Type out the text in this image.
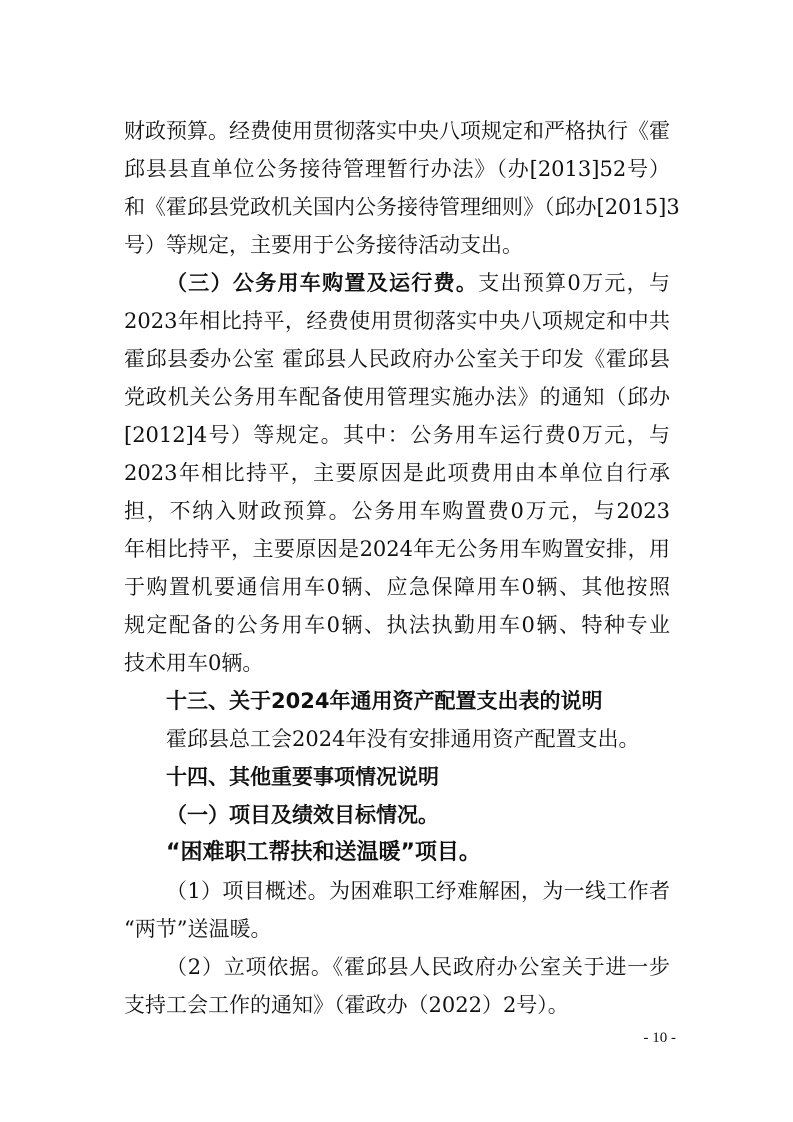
财政预算。经费使用贯彻落实中央八项规定和严格执行《霍
邱县县直单位公务接待管理暂行办法》（办[2013]52号）
和《霍邱县党政机关国内公务接待管理细则》（邱办[2015]3
号）等规定，主要用于公务接待活动支出。
（三）公务用车购置及运行费。支出预算0万元，与
2023年相比持平，经费使用贯彻落实中央八项规定和中共
霍邱县委办公室 霍邱县人民政府办公室关于印发《霍邱县
党政机关公务用车配备使用管理实施办法》的通知（邱办
[2012]4号）等规定。其中：公务用车运行费0万元，与
2023年相比持平，主要原因是此项费用由本单位自行承
担，不纳入财政预算。公务用车购置费0万元，与2023
年相比持平，主要原因是2024年无公务用车购置安排，用
于购置机要通信用车0辆、应急保障用车0辆、其他按照
规定配备的公务用车0辆、执法执勤用车0辆、特种专业
技术用车0辆。
十三、关于2024年通用资产配置支出表的说明
霍邱县总工会2024年没有安排通用资产配置支出。
十四、其他重要事项情况说明
（一）项目及绩效目标情况。
“困难职工帮扶和送温暖”项目。
（1）项目概述。为困难职工纾难解困，为一线工作者
“两节”送温暖。
（2）立项依据。《霍邱县人民政府办公室关于进一步
支持工会工作的通知》（霍政办（2022）2号）。
- 10 -
